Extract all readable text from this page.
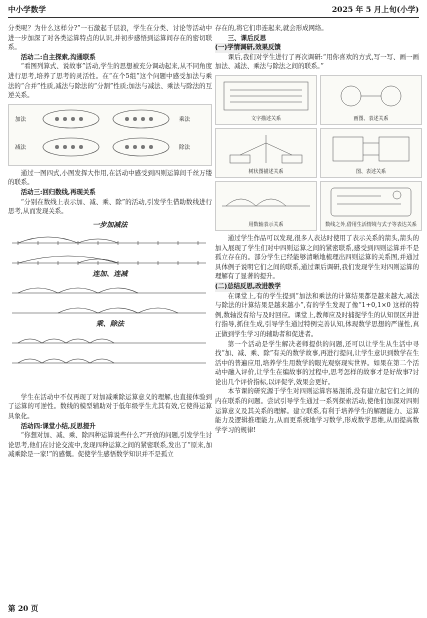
中小学数学	2025 年 5 月上旬(小学)

分类呢？为什么这样分?”一石激起千层浪，学生在分类、讨论等活动中进一步加深了对各类运算特点的认识,并初步感悟到运算间存在的密切联系。

活动二:自主探索,沟通联系

“看图列算式、说故事”活动,学生的思想被充分调动起来,从不同角度进行思考,培养了思考的灵活性。在“在个5组”这个问题中感受加法与乘法的“合并”性质,减法与除法的“分割”性质;加法与减法、乘法与除法的互逆关系。

加法	乘法
减法	除法

通过一图四式,小图发挥大作用,在活动中感受到四则运算间千丝万缕的联系。

活动三:回归数线,再现关系

“分别在数线上表示加、减、乘、除”的活动,引发学生借助数线进行思考,从而发现关系。

一步加减法
连加、连减
乘、除法

学生在活动中不仅再现了对加减乘除运算意义的理解,也直接体验到了运算的可逆性。数线的模型辅助对于低年级学生尤其有效,它使得运算具象化。

活动四:课堂小结,反思提升

“你想对加、减、乘、除四种运算说些什么?”开放的问题,引发学生讨论思考,他们在讨论交流中,发现四种运算之间的紧密联系,发出了“原来,加减乘除是一家!”的感慨。促使学生感悟数学知识并不是孤立

存在的,将它们串连起来,就会形成网络。

三、课后反思

(一)学情调研,效果反馈

课后,我们对学生进行了再次调研:“用你喜欢的方式,写一写、画一画加法、减法、乘法与除法之间的联系。”

文字描述关系	画图、表述关系
树状图描述关系	图、表述关系
用数轴表示关系	数线之外,借用生活情境与式子等表达关系

通过学生作品可以发现,很多人表达时使用了表示关系的箭头,箭头的加入展现了学生们对中四则运算之间的紧密联系,感受到四则运算并不是孤立存在的。部分学生已经能够清晰地梳理出四则运算的关系图,并通过具体例子说明它们之间的联系,通过课后调研,我们发现学生对四则运算的理解有了显著的提升。

(二)总结反思,改进教学

在课堂上,有的学生提到“加法和乘法的计算结果都是越来越大,减法与除法的计算结果是越来越小”,有的学生发现了像“1+0,1×0 这样的特例,数轴没有给与及时回应。课堂上,教师应及时捕捉学生的认知误区并进行指导,抓住生成,引导学生通过特例完善认知,体现数学思想的严谨性,真正做到学生学习的辅助者和促进者。

第一个活动是学生解决老师提供的问题,还可以让学生从生活中寻找“加、减、乘、除”有关的数学故事,再进行提问,让学生意识到数学在生活中的普遍应用,培养学生用数学的眼光观察现实世界。如果在第二个活动中融入评价,让学生在编故事的过程中,思考怎样的故事才是好故事?讨论出几个评价指标,以评促学,效果会更好。

本节课的研究源于学生对四则运算容易混淆,没有建立起它们之间的内在联系的问题。尝试引导学生通过一系列探索活动,使他们加深对四则运算意义及其关系的理解。建立联系,有利于培养学生的解题能力、运算能力及逻辑推理能力,从而更系统地学习数学,形成数学思维,从而提高数学学习的规律!

第 20 页
